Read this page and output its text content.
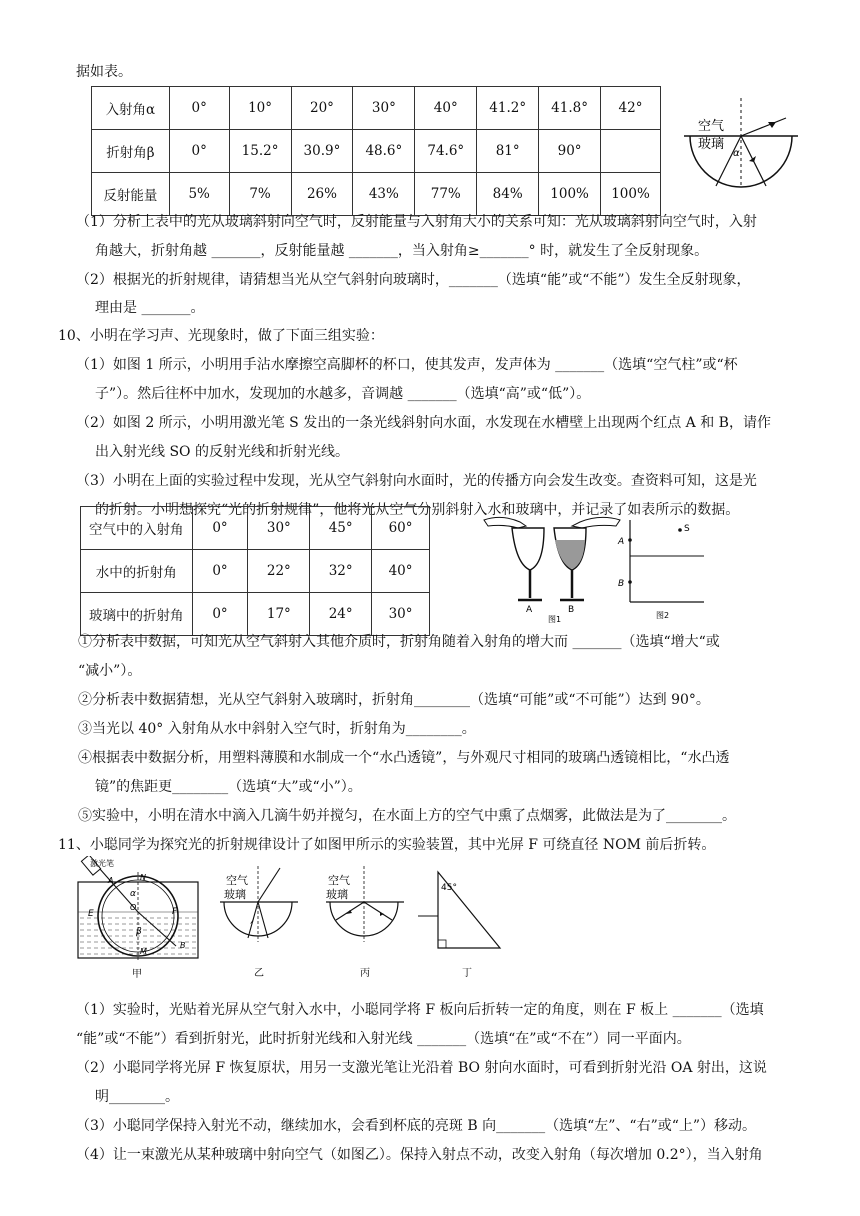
据如表。
入射角α	0°	10°	20°	30°	40°	41.2°	41.8°	42°
折射角β	0°	15.2°	30.9°	48.6°	74.6°	81°	90°	
反射能量	5%	7%	26%	43%	77%	84%	100%	100%
空气
玻璃
α
（1）分析上表中的光从玻璃斜射向空气时，反射能量与入射角大小的关系可知：光从玻璃斜射向空气时，入射
角越大，折射角越 _______，反射能量越 _______，当入射角≥_______° 时，就发生了全反射现象。
（2）根据光的折射规律，请猜想当光从空气斜射向玻璃时，_______（选填“能”或“不能”）发生全反射现象，
理由是 _______。
10、小明在学习声、光现象时，做了下面三组实验：
（1）如图 1 所示，小明用手沾水摩擦空高脚杯的杯口，使其发声，发声体为 _______（选填“空气柱”或“杯
子”）。然后往杯中加水，发现加的水越多，音调越 _______（选填“高”或“低”）。
（2）如图 2 所示，小明用激光笔 S 发出的一条光线斜射向水面，水发现在水槽壁上出现两个红点 A 和 B，请作
出入射光线 SO 的反射光线和折射光线。
（3）小明在上面的实验过程中发现，光从空气斜射向水面时，光的传播方向会发生改变。查资料可知，这是光
的折射。小明想探究“光的折射规律”，他将光从空气分别斜射入水和玻璃中，并记录了如表所示的数据。
空气中的入射角	0°	30°	45°	60°
水中的折射角	0°	22°	32°	40°
玻璃中的折射角	0°	17°	24°	30°	A	B
图1
A
B
S
图2
①分析表中数据，可知光从空气斜射入其他介质时，折射角随着入射角的增大而 _______（选填“增大“或
“减小”）。
②分析表中数据猜想，光从空气斜射入玻璃时，折射角________（选填“可能”或“不可能”）达到 90°。
③当光以 40° 入射角从水中斜射入空气时，折射角为________。
④根据表中数据分析，用塑料薄膜和水制成一个“水凸透镜”，与外观尺寸相同的玻璃凸透镜相比，“水凸透
镜”的焦距更________（选填“大”或“小”）。
⑤实验中，小明在清水中滴入几滴牛奶并搅匀，在水面上方的空气中熏了点烟雾，此做法是为了________。
11、小聪同学为探究光的折射规律设计了如图甲所示的实验装置，其中光屏 F 可绕直径 NOM 前后折转。
激光笔
A	N
α
E
O	F
β
B
M
甲
空气
玻璃
乙
空气
玻璃
丙
45°
丁
（1）实验时，光贴着光屏从空气射入水中，小聪同学将 F 板向后折转一定的角度，则在 F 板上 _______（选填
“能”或“不能”）看到折射光，此时折射光线和入射光线 _______（选填“在”或“不在”）同一平面内。
（2）小聪同学将光屏 F 恢复原状，用另一支激光笔让光沿着 BO 射向水面时，可看到折射光沿 OA 射出，这说
明________。
（3）小聪同学保持入射光不动，继续加水，会看到杯底的亮斑 B 向_______（选填“左”、“右”或“上”）移动。
（4）让一束激光从某种玻璃中射向空气（如图乙）。保持入射点不动，改变入射角（每次增加 0.2°），当入射角
